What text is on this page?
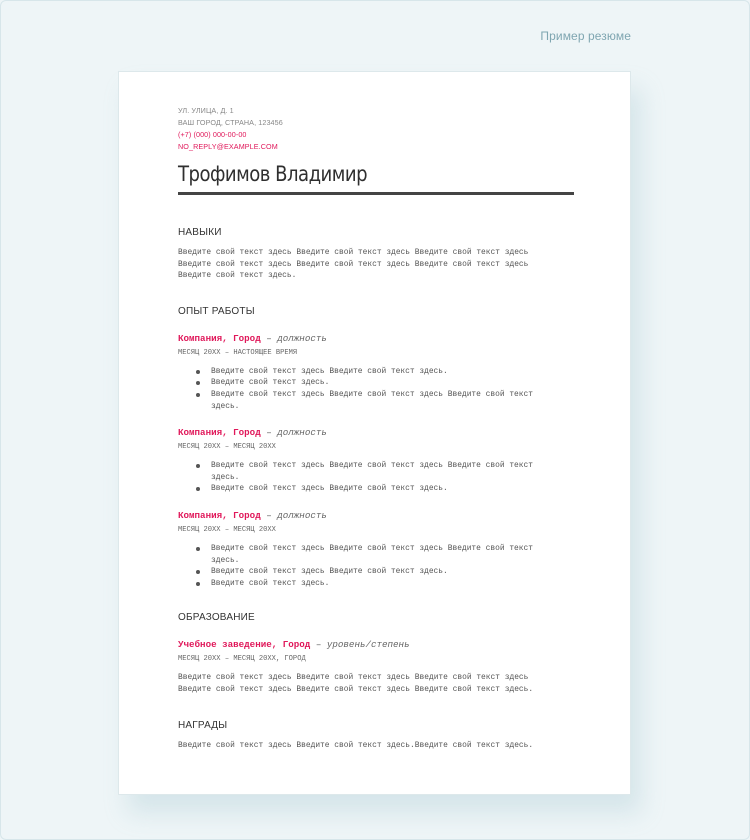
Пример резюме
УЛ. УЛИЦА, Д. 1
ВАШ ГОРОД, СТРАНА, 123456
(+7) (000) 000-00-00
NO_REPLY@EXAMPLE.COM
Трофимов Владимир
НАВЫКИ
Введите свой текст здесь Введите свой текст здесь Введите свой текст здесь
Введите свой текст здесь Введите свой текст здесь Введите свой текст здесь
Введите свой текст здесь.
ОПЫТ РАБОТЫ
Компания, Город – должность
МЕСЯЦ 20ХХ – НАСТОЯЩЕЕ ВРЕМЯ
Введите свой текст здесь Введите свой текст здесь.
Введите свой текст здесь.
Введите свой текст здесь Введите свой текст здесь Введите свой текст
здесь.
Компания, Город – должность
МЕСЯЦ 20ХХ – МЕСЯЦ 20ХХ
Введите свой текст здесь Введите свой текст здесь Введите свой текст
здесь.
Введите свой текст здесь Введите свой текст здесь.
Компания, Город – должность
МЕСЯЦ 20ХХ – МЕСЯЦ 20ХХ
Введите свой текст здесь Введите свой текст здесь Введите свой текст
здесь.
Введите свой текст здесь Введите свой текст здесь.
Введите свой текст здесь.
ОБРАЗОВАНИЕ
Учебное заведение, Город – уровень/степень
МЕСЯЦ 20ХХ – МЕСЯЦ 20ХХ, ГОРОД
Введите свой текст здесь Введите свой текст здесь Введите свой текст здесь
Введите свой текст здесь Введите свой текст здесь Введите свой текст здесь.
НАГРАДЫ
Введите свой текст здесь Введите свой текст здесь.Введите свой текст здесь.
